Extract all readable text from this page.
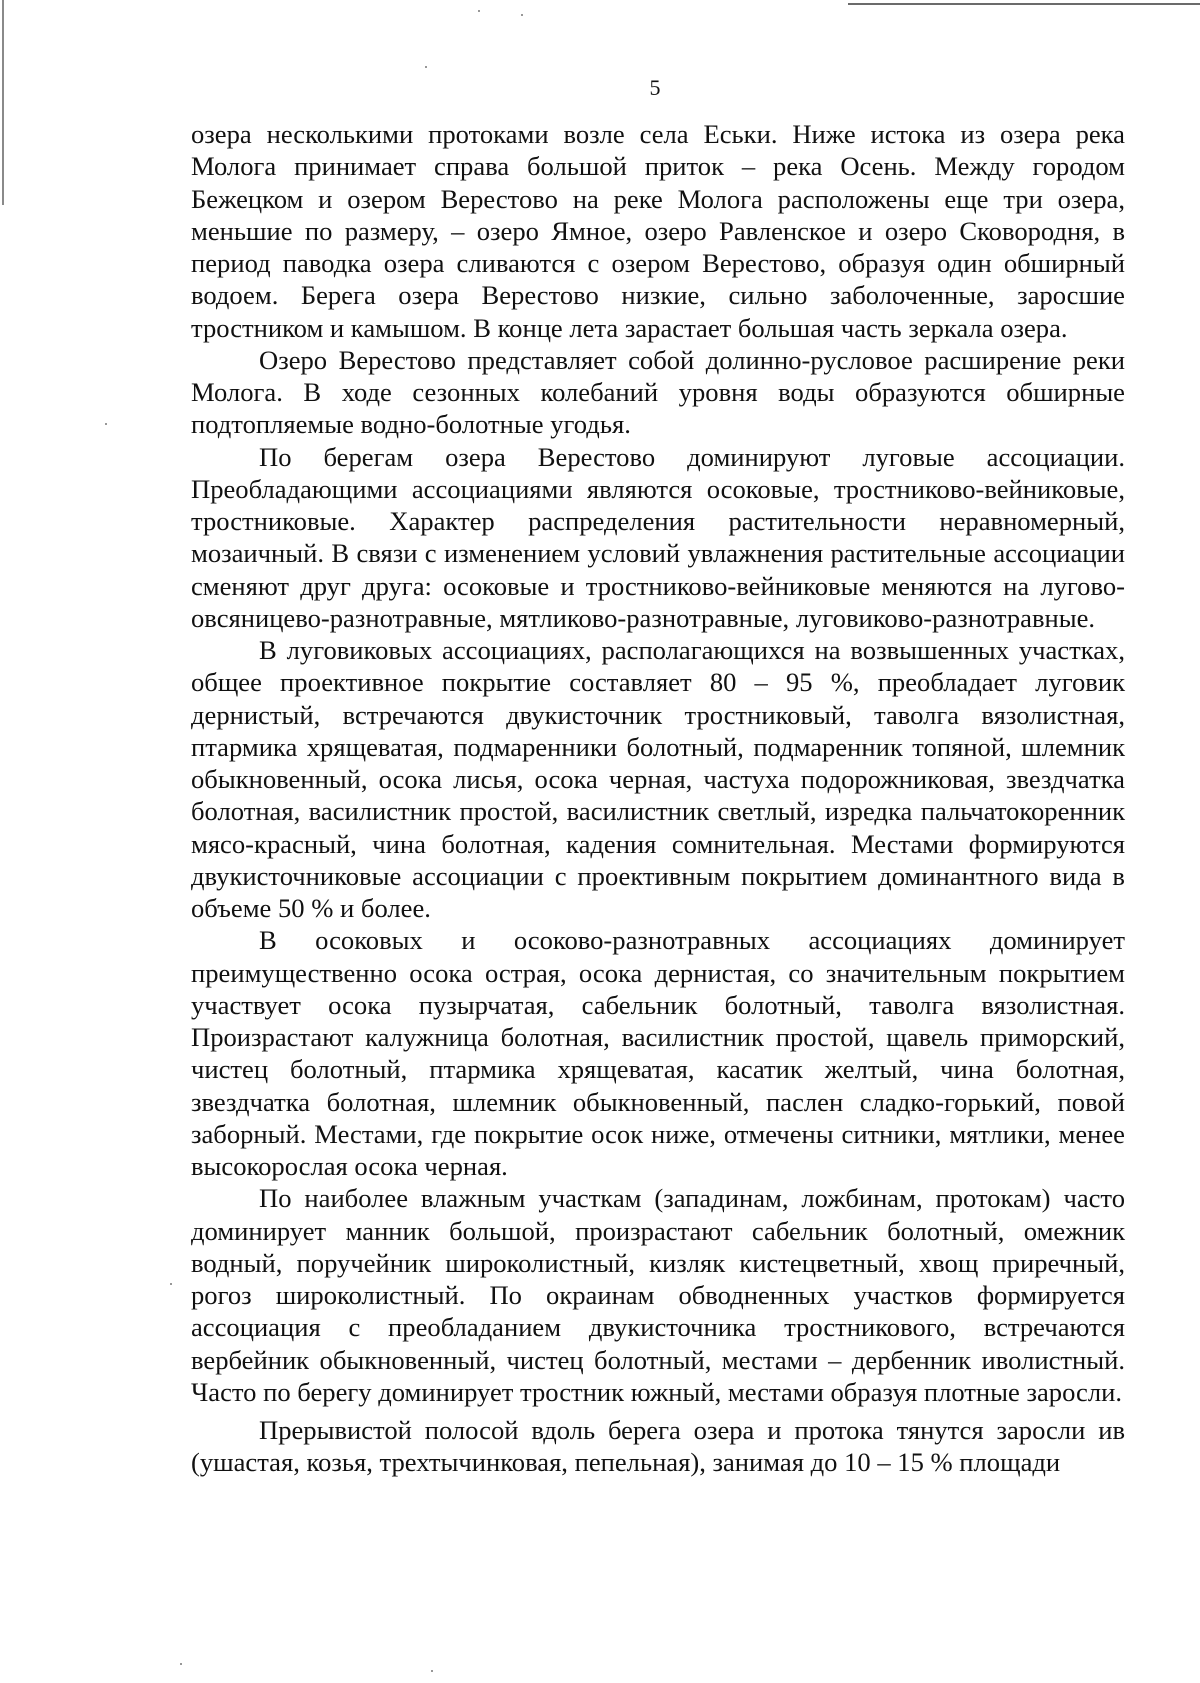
5

озера несколькими протоками возле села Еськи. Ниже истока из озера река Молога принимает справа большой приток – река Осень. Между городом Бежецком и озером Верестово на реке Молога расположены еще три озера, меньшие по размеру, – озеро Ямное, озеро Равленское и озеро Сковородня, в период паводка озера сливаются с озером Верестово, образуя один обширный водоем. Берега озера Верестово низкие, сильно заболоченные, заросшие тростником и камышом. В конце лета зарастает большая часть зеркала озера.

Озеро Верестово представляет собой долинно-русловое расширение реки Молога. В ходе сезонных колебаний уровня воды образуются обширные подтопляемые водно-болотные угодья.

По берегам озера Верестово доминируют луговые ассоциации. Преобладающими ассоциациями являются осоковые, тростниково-вейниковые, тростниковые. Характер распределения растительности неравномерный, мозаичный. В связи с изменением условий увлажнения растительные ассоциации сменяют друг друга: осоковые и тростниково-вейниковые меняются на лугово-овсяницево-разнотравные, мятликово-разнотравные, луговиково-разнотравные.

В луговиковых ассоциациях, располагающихся на возвышенных участках, общее проективное покрытие составляет 80 – 95 %, преобладает луговик дернистый, встречаются двукисточник тростниковый, таволга вязолистная, птармика хрящеватая, подмаренники болотный, подмаренник топяной, шлемник обыкновенный, осока лисья, осока черная, частуха подорожниковая, звездчатка болотная, василистник простой, василистник светлый, изредка пальчатокоренник мясо-красный, чина болотная, кадения сомнительная. Местами формируются двукисточниковые ассоциации с проективным покрытием доминантного вида в объеме 50 % и более.

В осоковых и осоково-разнотравных ассоциациях доминирует преимущественно осока острая, осока дернистая, со значительным покрытием участвует осока пузырчатая, сабельник болотный, таволга вязолистная. Произрастают калужница болотная, василистник простой, щавель приморский, чистец болотный, птармика хрящеватая, касатик желтый, чина болотная, звездчатка болотная, шлемник обыкновенный, паслен сладко-горький, повой заборный. Местами, где покрытие осок ниже, отмечены ситники, мятлики, менее высокорослая осока черная.

По наиболее влажным участкам (западинам, ложбинам, протокам) часто доминирует манник большой, произрастают сабельник болотный, омежник водный, поручейник широколистный, кизляк кистецветный, хвощ приречный, рогоз широколистный. По окраинам обводненных участков формируется ассоциация с преобладанием двукисточника тростникового, встречаются вербейник обыкновенный, чистец болотный, местами – дербенник иволистный. Часто по берегу доминирует тростник южный, местами образуя плотные заросли.

Прерывистой полосой вдоль берега озера и протока тянутся заросли ив (ушастая, козья, трехтычинковая, пепельная), занимая до 10 – 15 % площади
